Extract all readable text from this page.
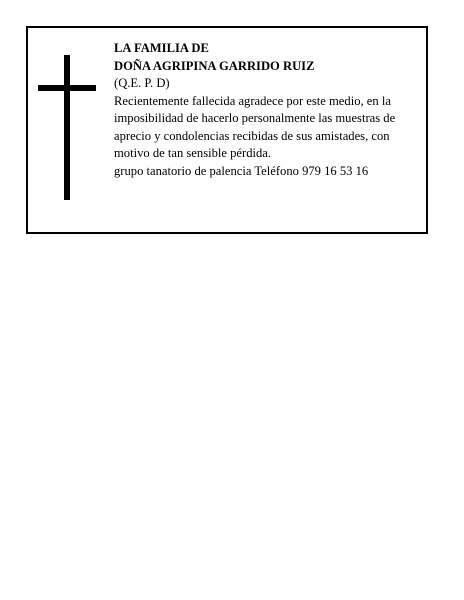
LA FAMILIA DE
DOÑA AGRIPINA GARRIDO RUIZ
(Q.E. P. D)
Recientemente fallecida agradece por este medio, en la imposibilidad de hacerlo personalmente las muestras de aprecio y condolencias recibidas de sus amistades, con motivo de tan sensible pérdida.
grupo tanatorio de palencia Teléfono 979 16 53 16
